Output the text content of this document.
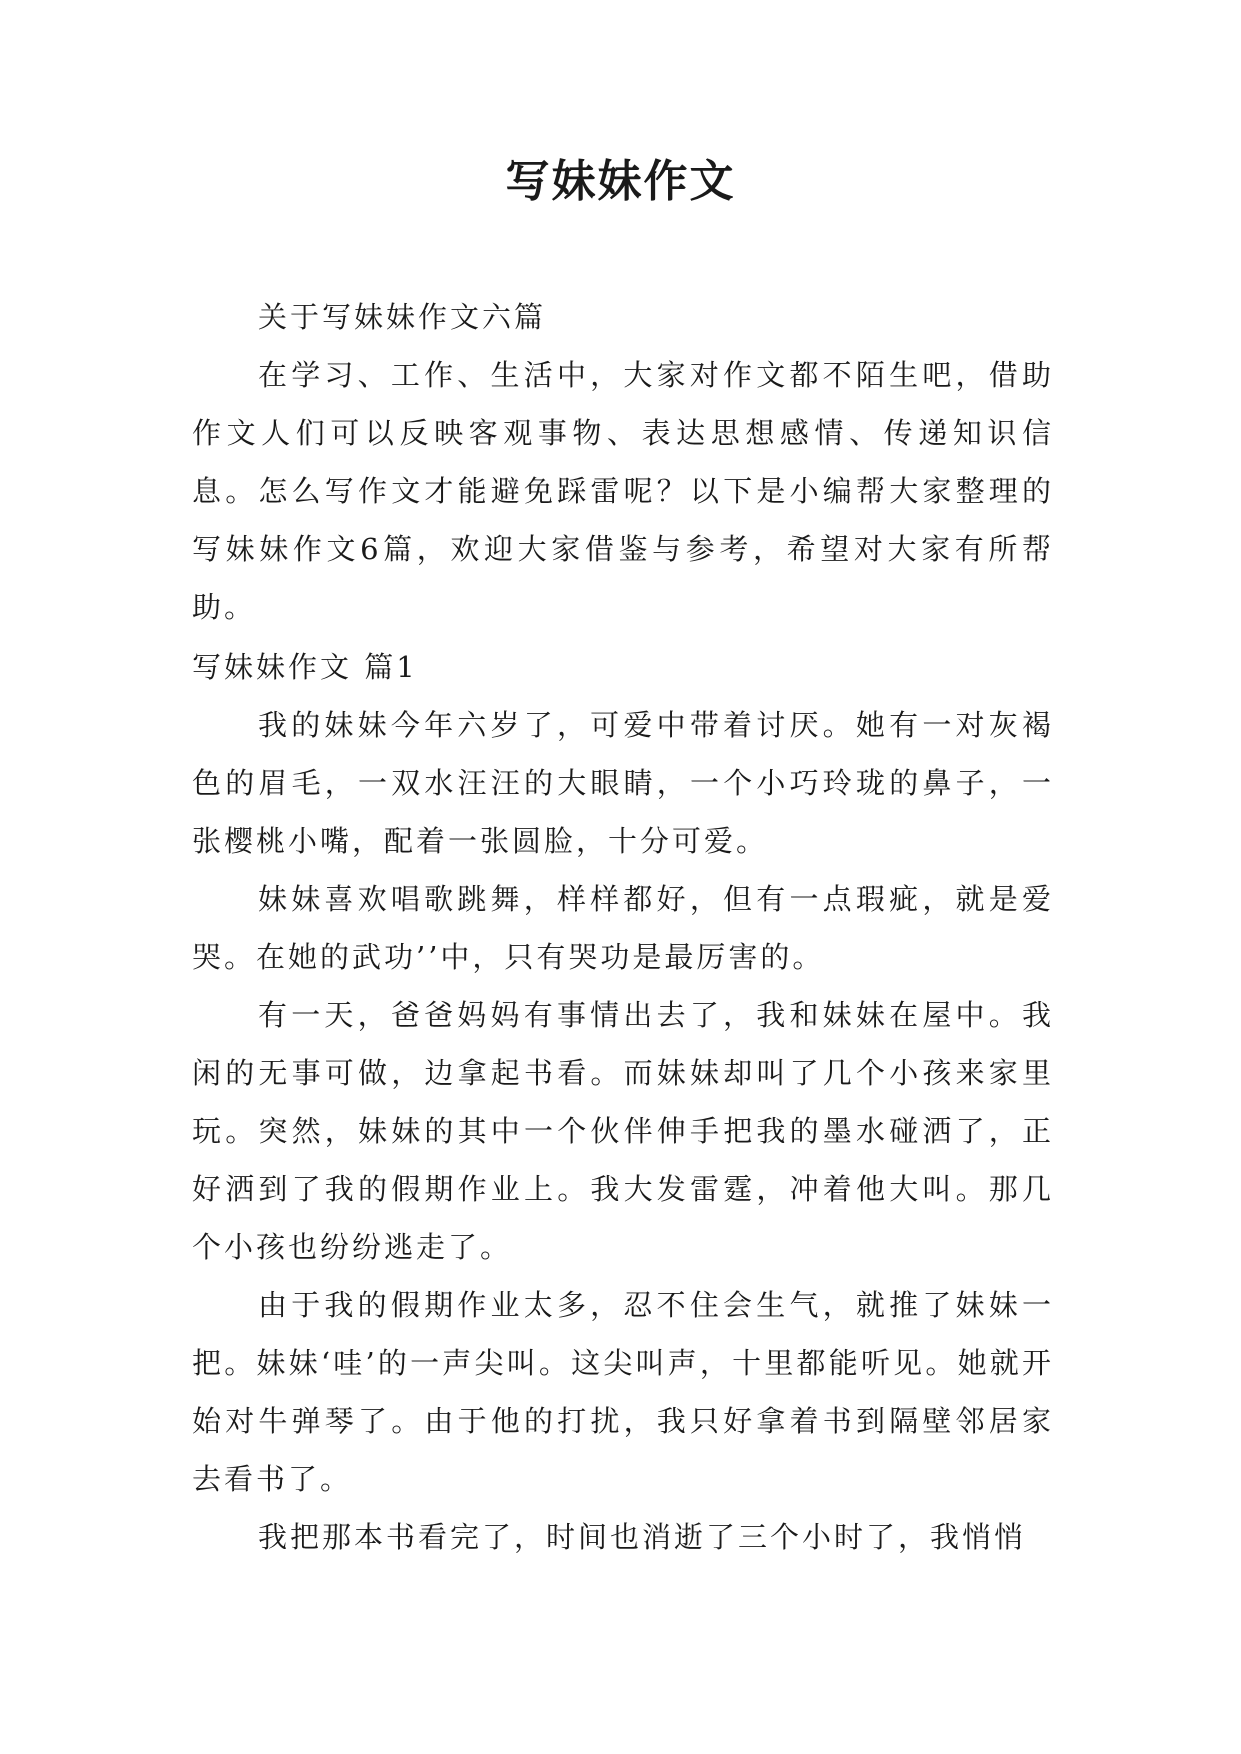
写妹妹作文

关于写妹妹作文六篇

在学习、工作、生活中，大家对作文都不陌生吧，借助作文人们可以反映客观事物、表达思想感情、传递知识信息。怎么写作文才能避免踩雷呢？以下是小编帮大家整理的写妹妹作文6篇，欢迎大家借鉴与参考，希望对大家有所帮助。

写妹妹作文 篇1

我的妹妹今年六岁了，可爱中带着讨厌。她有一对灰褐色的眉毛，一双水汪汪的大眼睛，一个小巧玲珑的鼻子，一张樱桃小嘴，配着一张圆脸，十分可爱。

妹妹喜欢唱歌跳舞，样样都好，但有一点瑕疵，就是爱哭。在她的武功’’中，只有哭功是最厉害的。

有一天，爸爸妈妈有事情出去了，我和妹妹在屋中。我闲的无事可做，边拿起书看。而妹妹却叫了几个小孩来家里玩。突然，妹妹的其中一个伙伴伸手把我的墨水碰洒了，正好洒到了我的假期作业上。我大发雷霆，冲着他大叫。那几个小孩也纷纷逃走了。

由于我的假期作业太多，忍不住会生气，就推了妹妹一把。妹妹‘哇’的一声尖叫。这尖叫声，十里都能听见。她就开始对牛弹琴了。由于他的打扰，我只好拿着书到隔壁邻居家去看书了。

我把那本书看完了，时间也消逝了三个小时了，我悄悄
